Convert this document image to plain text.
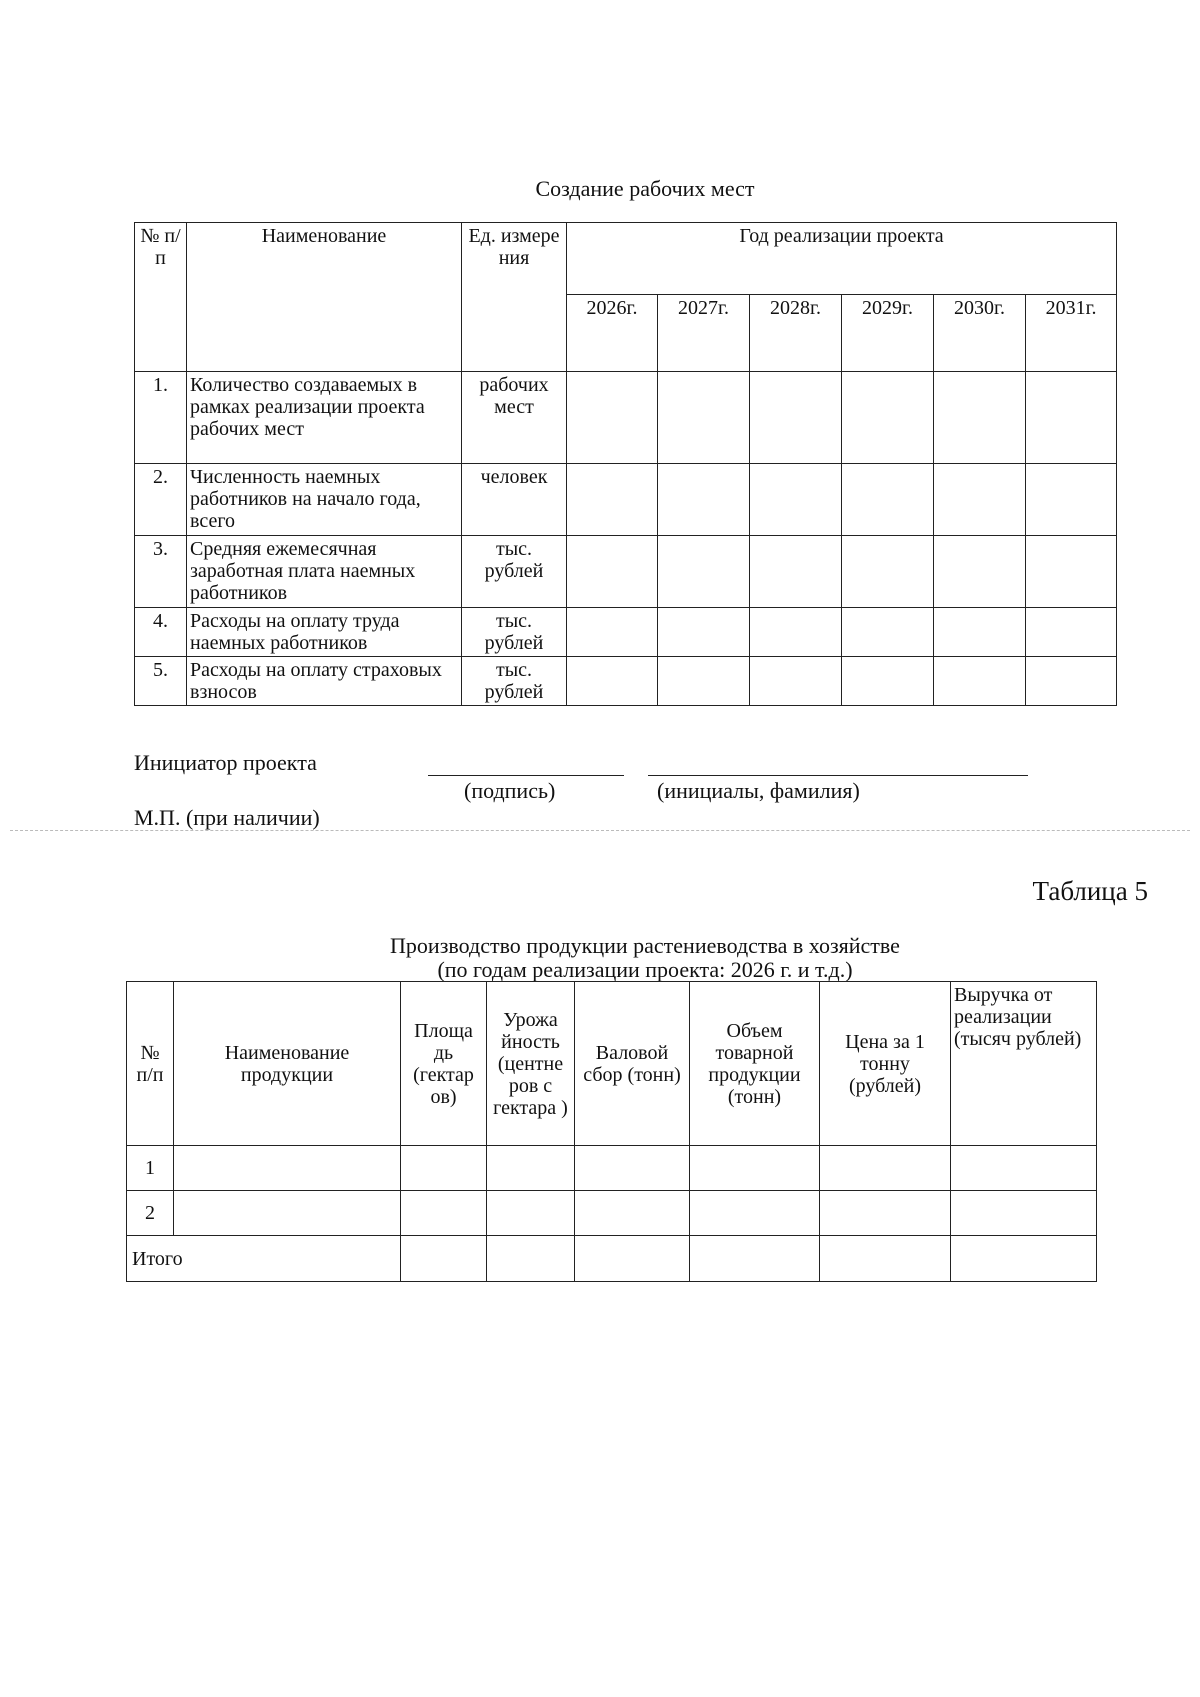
Создание рабочих мест
№ п/п	Наименование	Ед. измере ния	Год реализации проекта					
			2026г.	2027г.	2028г.	2029г.	2030г.	2031г.
1.	Количество создаваемых в рамках реализации проекта рабочих мест	рабочих мест						
2.	Численность наемных работников на начало года, всего	человек						
3.	Средняя ежемесячная заработная плата наемных работников	тыс. рублей						
4.	Расходы на оплату труда наемных работников	тыс. рублей						
5.	Расходы на оплату страховых взносов	тыс. рублей						
Инициатор проекта
(подпись)	(инициалы, фамилия)
М.П. (при наличии)
Таблица 5
Производство продукции растениеводства в хозяйстве
(по годам реализации проекта: 2026 г. и т.д.)
№ п/п	Наименование продукции	Площа дь (гектар ов)	Урожа йность (центне ров с гектара )	Валовой сбор (тонн)	Объем товарной продукции (тонн)	Цена за 1 тонну (рублей)	Выручка от реализации (тысяч рублей)
1							
2							
Итого							
